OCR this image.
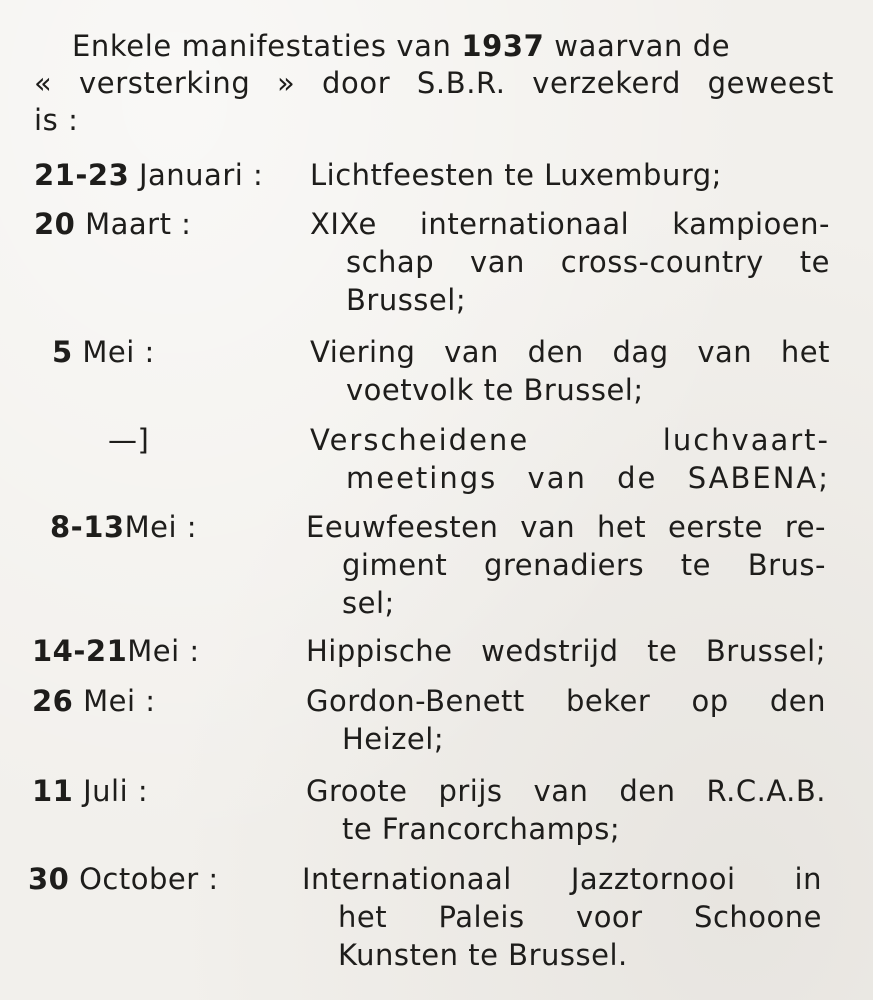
Enkele manifestaties van 1937 waarvan de
« versterking » door S.B.R. verzekerd geweest
is :
21-23 Januari : Lichtfeesten te Luxemburg;
20 Maart :	XIXe internationaal kampioen-
schap van cross-country te
Brussel;
5 Mei :	Viering van den dag van het
voetvolk te Brussel;
—]	Verscheidene luchvaart-
meetings van de SABENA;
8-13Mei :	Eeuwfeesten van het eerste re-
giment grenadiers te Brus-
sel;
14-21Mei :	Hippische wedstrijd te Brussel;
26 Mei :	Gordon-Benett beker op den
Heizel;
11 Juli :	Groote prijs van den R.C.A.B.
te Francorchamps;
30 October :	Internationaal Jazztornooi in
het Paleis voor Schoone
Kunsten te Brussel.
